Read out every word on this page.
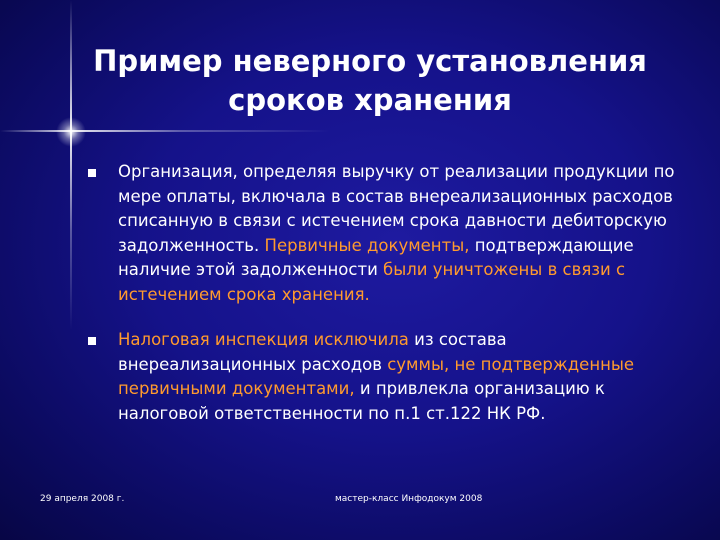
Пример неверного установления
сроков хранения
Организация, определяя выручку от реализации продукции по мере оплаты, включала в состав внереализационных расходов списанную в связи с истечением срока давности дебиторскую задолженность. Первичные документы, подтверждающие наличие этой задолженности были уничтожены в связи с истечением срока хранения.
Налоговая инспекция исключила из состава внереализационных расходов суммы, не подтвержденные первичными документами, и привлекла организацию к налоговой ответственности по п.1 ст.122 НК РФ.
29 апреля 2008 г.	мастер-класс Инфодокум 2008
